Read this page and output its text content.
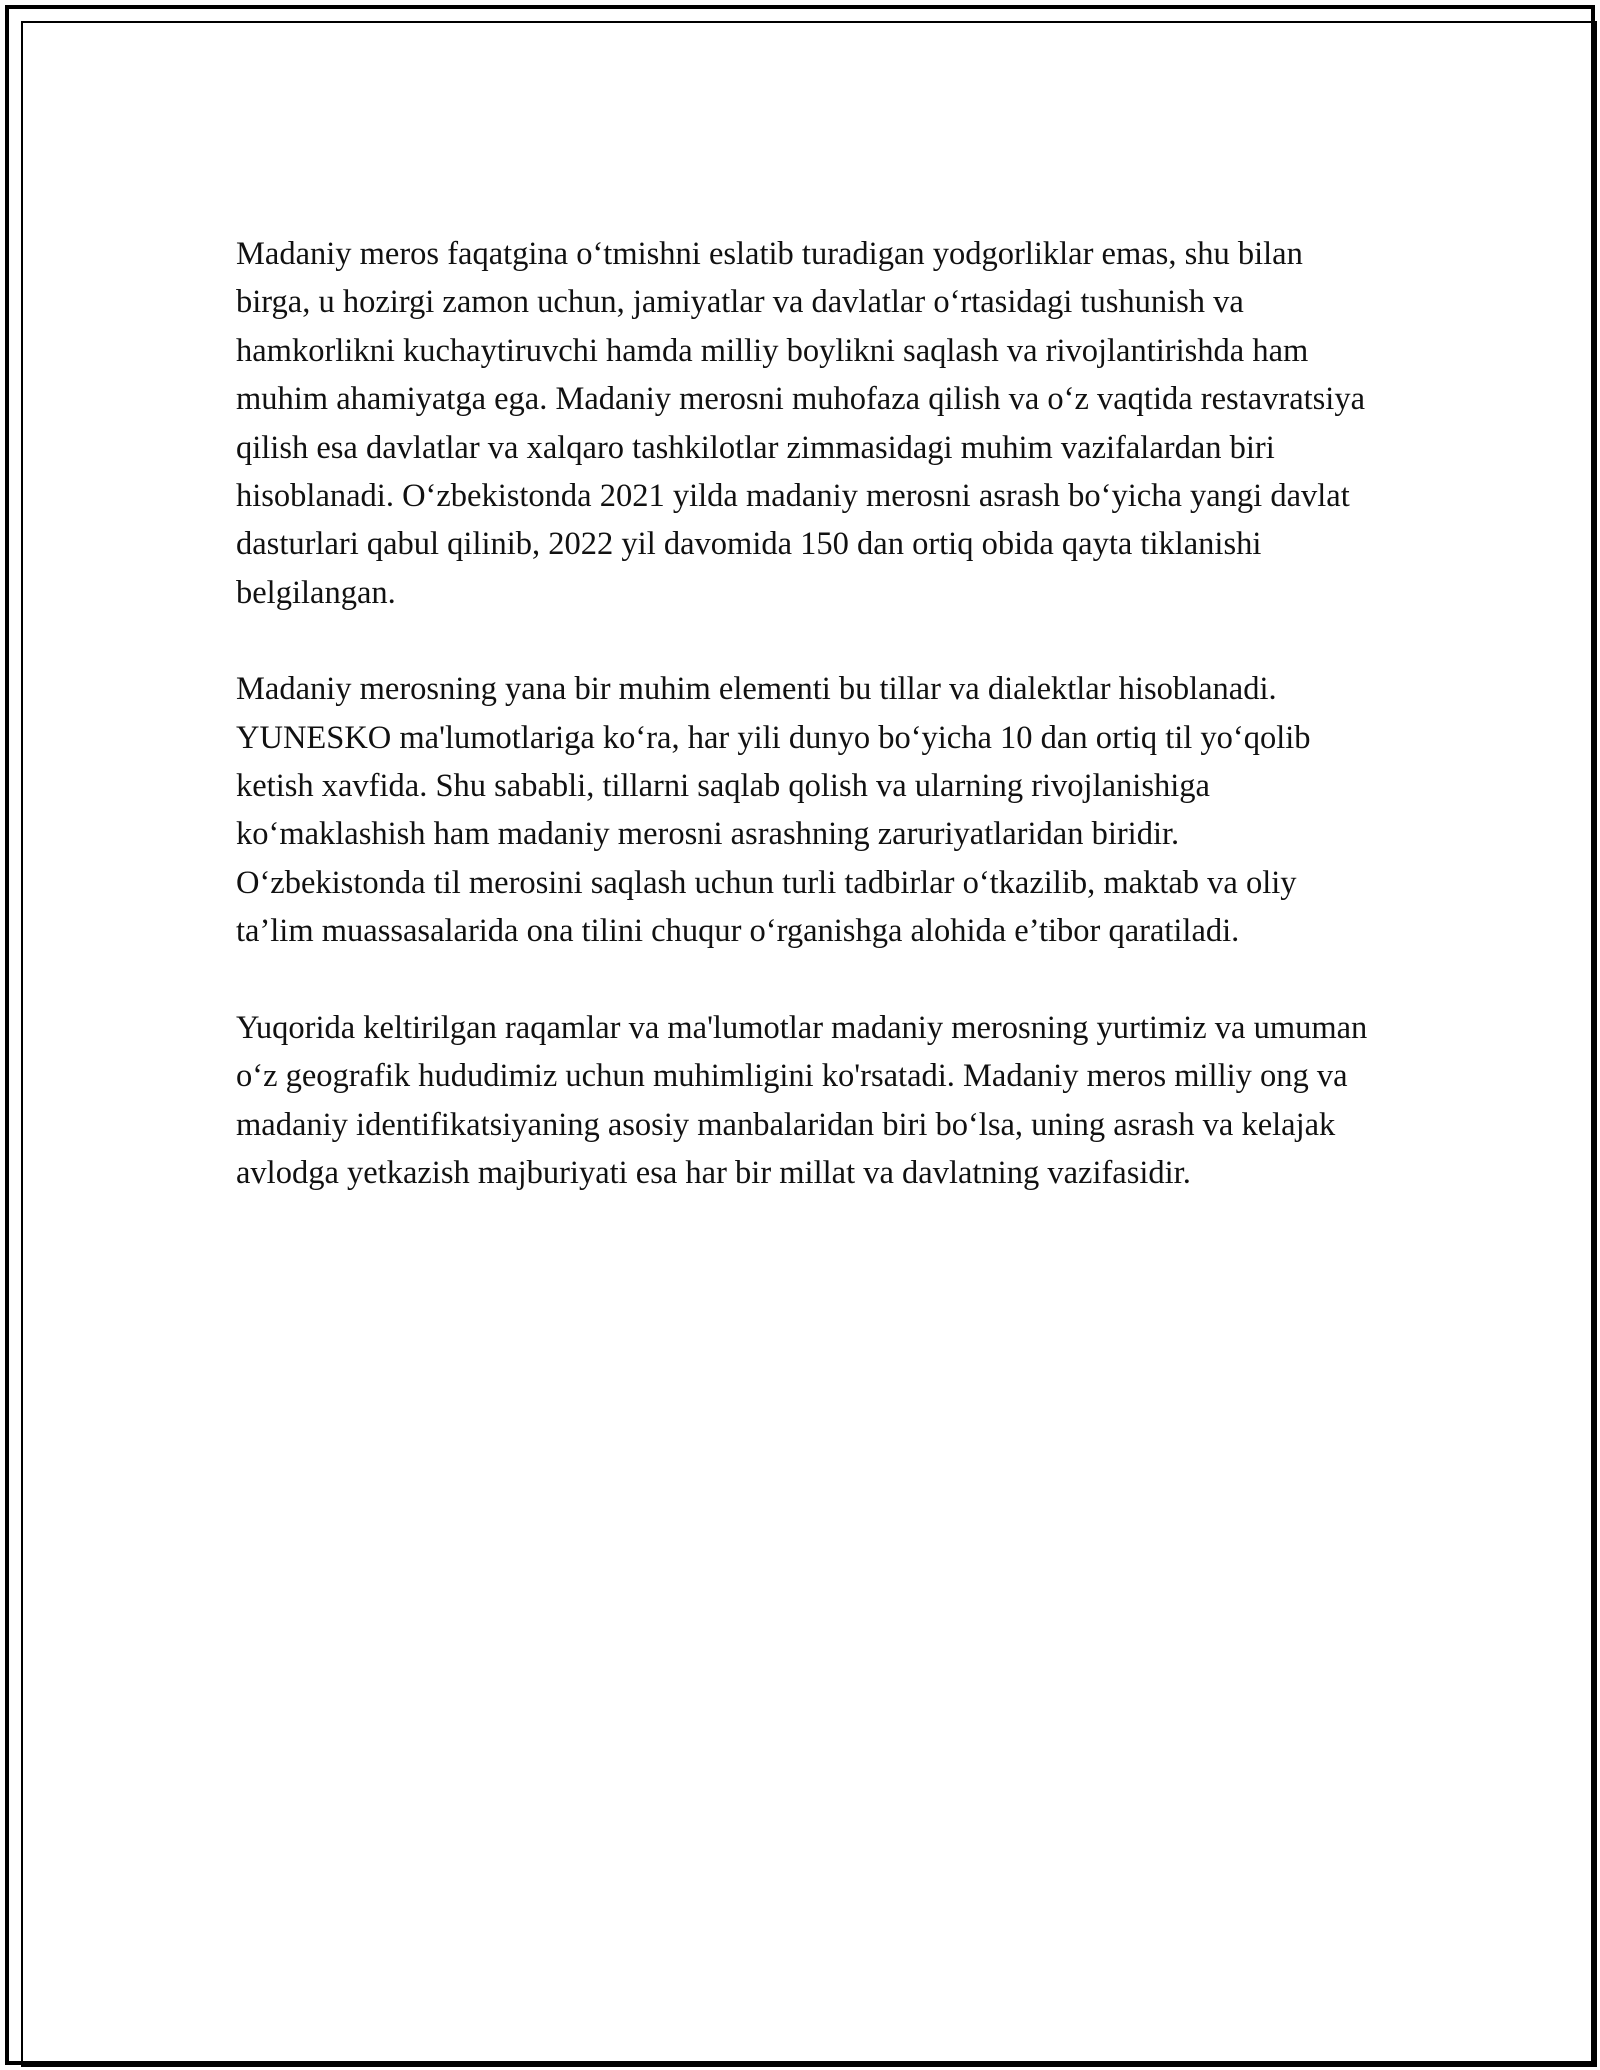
Madaniy meros faqatgina o‘tmishni eslatib turadigan yodgorliklar emas, shu bilan birga, u hozirgi zamon uchun, jamiyatlar va davlatlar o‘rtasidagi tushunish va hamkorlikni kuchaytiruvchi hamda milliy boylikni saqlash va rivojlantirishda ham muhim ahamiyatga ega. Madaniy merosni muhofaza qilish va o‘z vaqtida restavratsiya qilish esa davlatlar va xalqaro tashkilotlar zimmasidagi muhim vazifalardan biri hisoblanadi. O‘zbekistonda 2021 yilda madaniy merosni asrash bo‘yicha yangi davlat dasturlari qabul qilinib, 2022 yil davomida 150 dan ortiq obida qayta tiklanishi belgilangan.

Madaniy merosning yana bir muhim elementi bu tillar va dialektlar hisoblanadi. YUNESKO ma'lumotlariga ko‘ra, har yili dunyo bo‘yicha 10 dan ortiq til yo‘qolib ketish xavfida. Shu sababli, tillarni saqlab qolish va ularning rivojlanishiga ko‘maklashish ham madaniy merosni asrashning zaruriyatlaridan biridir. O‘zbekistonda til merosini saqlash uchun turli tadbirlar o‘tkazilib, maktab va oliy ta’lim muassasalarida ona tilini chuqur o‘rganishga alohida e’tibor qaratiladi.

Yuqorida keltirilgan raqamlar va ma'lumotlar madaniy merosning yurtimiz va umuman o‘z geografik hududimiz uchun muhimligini ko'rsatadi. Madaniy meros milliy ong va madaniy identifikatsiyaning asosiy manbalaridan biri bo‘lsa, uning asrash va kelajak avlodga yetkazish majburiyati esa har bir millat va davlatning vazifasidir.
